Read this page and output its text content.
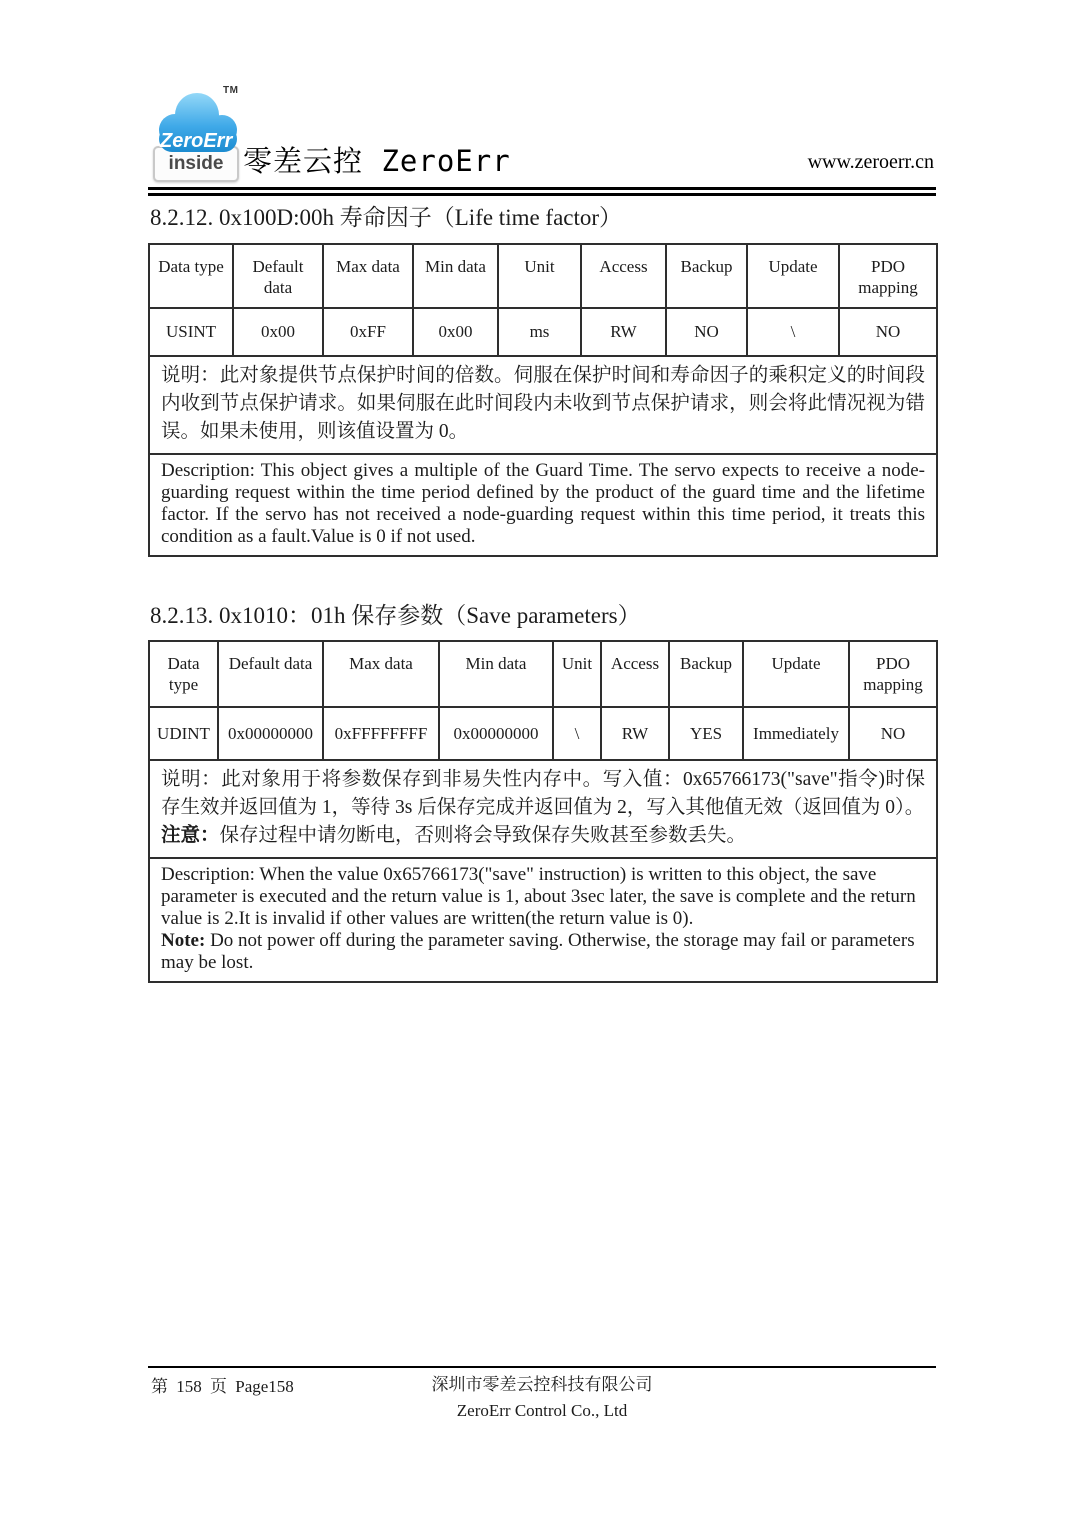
ZeroErr
TM
inside 零差云控 ZeroErr	www.zeroerr.cn
8.2.12. 0x100D:00h 寿命因子（Life time factor）
Data type	Default data	Max data	Min data	Unit	Access	Backup	Update	PDO mapping
USINT	0x00	0xFF	0x00	ms	RW	NO	\	NO

说明：此对象提供节点保护时间的倍数。伺服在保护时间和寿命因子的乘积定义的时间段内收到节点保护请求。如果伺服在此时间段内未收到节点保护请求，则会将此情况视为错误。如果未使用，则该值设置为 0。								

Description: This object gives a multiple of the Guard Time. The servo expects to receive a node-guarding request within the time period defined by the product of the guard time and the lifetime factor. If the servo has not received a node-guarding request within this time period, it treats this condition as a fault.Value is 0 if not used.								

8.2.13. 0x1010：01h 保存参数（Save parameters）
Data type	Default data	Max data	Min data	Unit	Access	Backup	Update	PDO mapping
UDINT	0x00000000	0xFFFFFFFF	0x00000000	\	RW	YES	Immediately	NO

说明：此对象用于将参数保存到非易失性内存中。写入值：0x65766173("save"指令)时保存生效并返回值为 1，等待 3s 后保存完成并返回值为 2，写入其他值无效（返回值为 0）。

注意：保存过程中请勿断电，否则将会导致保存失败甚至参数丢失。								

Description: When the value 0x65766173("save" instruction) is written to this object, the save parameter is executed and the return value is 1, about 3sec later, the save is complete and the return value is 2.It is invalid if other values are written(the return value is 0).

Note: Do not power off during the parameter saving. Otherwise, the storage may fail or parameters may be lost.								

第 158 页 Page158	深圳市零差云控科技有限公司
ZeroErr Control Co., Ltd
